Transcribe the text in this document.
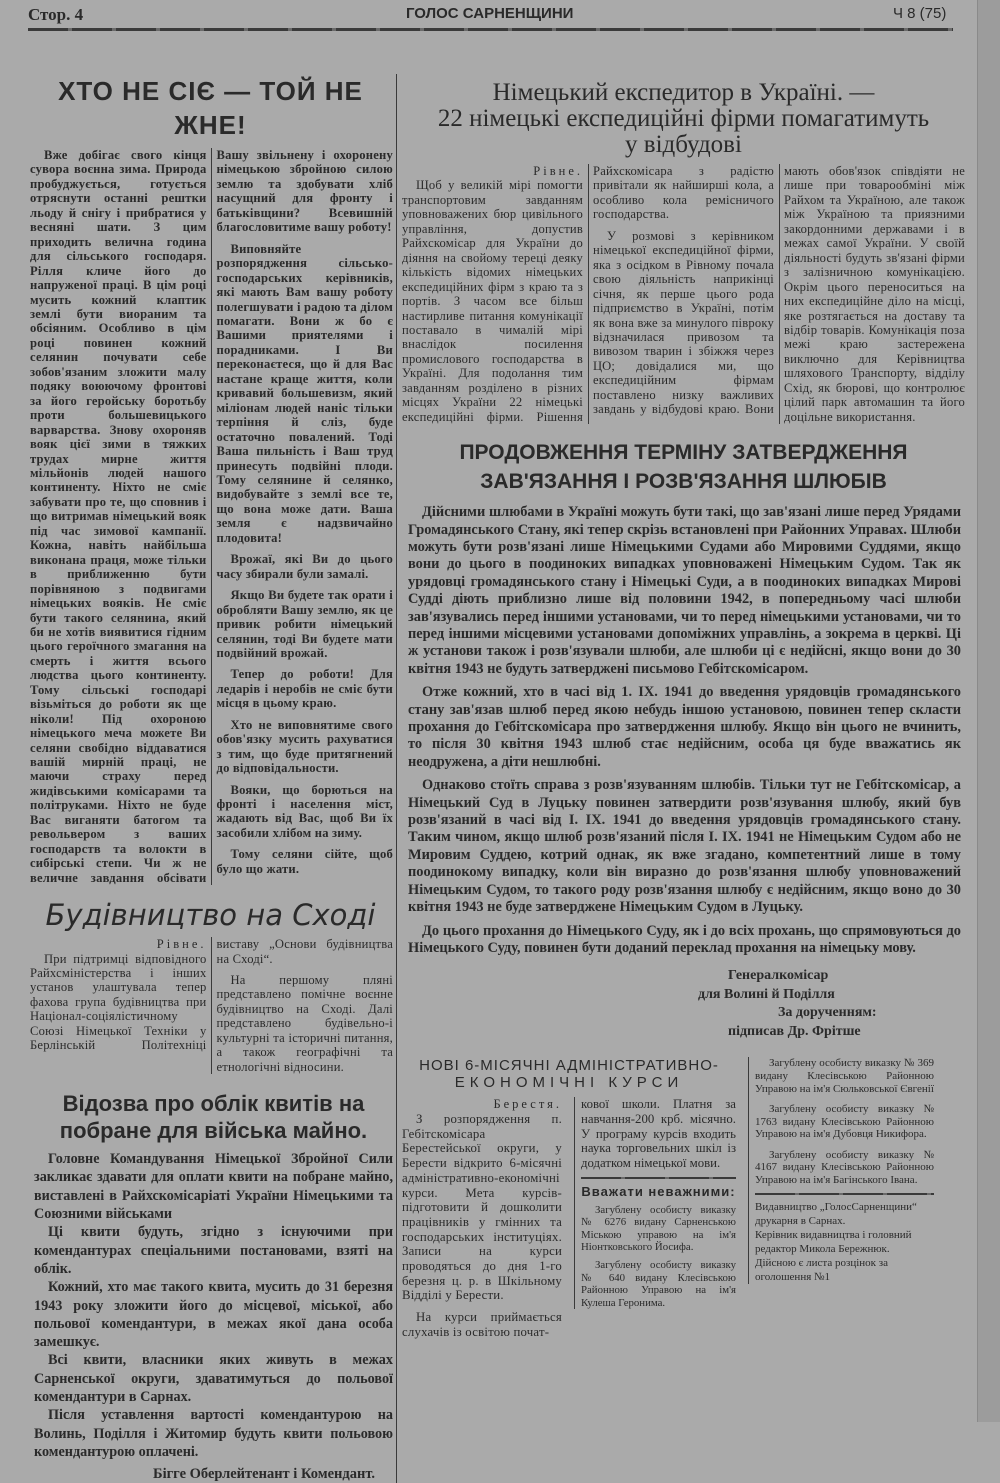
Стор. 4	ГОЛОС САРНЕНЩИНИ	Ч 8 (75)
ХТО НЕ СІЄ — ТОЙ НЕ ЖНЕ!

Вже добігає свого кінця сувора воєнна зима. Природа пробуджується, готується отряснути останні рештки льоду й снігу і прибратися у весняні шати. З цим приходить велична година для сільського господаря. Рілля кличе його до напруженої праці. В цім році мусить кожний клаптик землі бути виораним та обсіяним. Особливо в цім році повинен кожний селянин почувати себе зобов'язаним зложити малу подяку воюючому фронтові за його геройську боротьбу проти большевицького варварства. Знову охороняв вояк цієї зими в тяжких трудах мирне життя мільйонів людей нашого континенту. Ніхто не сміє забувати про те, що сповнив і що витримав німецький вояк під час зимової кампанії. Кожна, навіть найбільша виконана праця, може тільки в приближенню бути порівняною з подвигами німецьких вояків. Не сміє бути такого селянина, який би не хотів виявитися гідним цього героїчного змагання на смерть і життя всього людства цього континенту. Тому сільські господарі візьміться до роботи як ще ніколи! Під охороною німецького меча можете Ви селяни свобідно віддаватися вашій мирній праці, не маючи страху перед жидівськими комісарами та політруками. Ніхто не буде Вас виганяти батогом та револьвером з ваших господарств та волокти в сибірські степи. Чи ж не величне завдання обсівати Вашу звільнену і охоронену німецькою збройною силою землю та здобувати хліб насущний для фронту і батьківщини? Всевишній благословитиме вашу роботу!

Виповняйте розпорядження сільсько-господарських керівників, які мають Вам вашу роботу полегшувати і радою та ділом помагати. Вони ж бо є Вашими приятелями і порадниками. І Ви переконаєтеся, що й для Вас настане краще життя, коли кривавий большевизм, який міліонам людей наніс тільки терпіння й сліз, буде остаточно повалений. Тоді Ваша пильність і Ваш труд принесуть подвійні плоди. Тому селянине й селянко, видобувайте з землі все те, що вона може дати. Ваша земля є надзвичайно плодовита!

Врожаї, які Ви до цього часу збирали були замалі.

Якщо Ви будете так орати і обробляти Вашу землю, як це привик робити німецький селянин, тоді Ви будете мати подвійний врожай.

Тепер до роботи! Для ледарів і неробів не сміє бути місця в цьому краю.

Хто не виповнятиме свого обов'язку мусить рахуватися з тим, що буде притягнений до відповідальности.

Вояки, що борються на фронті і населення міст, жадають від Вас, щоб Ви їх засобили хлібом на зиму.

Тому селяни сійте, щоб було що жати.

Будівництво на Сході
Рівне.

При підтримці відповідного Райхсміністерства і інших установ улаштувала тепер фахова група будівництва при Націонал-соціялістичному Союзі Німецької Техніки у Берлінській Політехніці виставу „Основи будівництва на Сході“.

На першому пляні представлено помічне воєнне будівництво на Сході. Далі представлено будівельно-і культурні та історичні питання, а також географічні та етнологічні відносини.

Відозва про облік квитів на побране для війська майно.

Головне Командування Німецької Збройної Сили закликає здавати для оплати квити на побране майно, виставлені в Райхскомісаріаті України Німецькими та Союзними військами

Ці квити будуть, згідно з існуючими при комендантурах спеціальними постановами, взяті на облік.

Кожний, хто має такого квита, мусить до 31 березня 1943 року зложити його до місцевої, міської, або польової комендантури, в межах якої дана особа замешкує.

Всі квити, власники яких живуть в межах Сарненської округи, здаватимуться до польової комендантури в Сарнах.

Після уставлення вартості комендантурою на Волинь, Поділля і Житомир будуть квити польовою комендантурою оплачені.

Бігге Оберлейтенант і Комендант.
Німецький експедитор в Україні. —
22 німецькі експедиційні фірми помагатимуть
у відбудові
Рівне.

Щоб у великій мірі помогти транспортовим завданням уповноважених бюр цивільного управління, допустив Райхскомісар для України до діяння на свойому тереці деяку кількість відомих німецьких експедиційних фірм з краю та з портів. З часом все більш настирливе питання комунікації поставало в чималій мірі внаслідок посилення промислового господарства в Україні. Для подолання тим завданням розділено в різних місцях України 22 німецькі експедиційні фірми. Рішення Райхскомісара з радістю привітали як найширші кола, а особливо кола ремісничого господарства.

У розмові з керівником німецької експедиційної фірми, яка з осідком в Рівному почала свою діяльність наприкінці січня, як перше цього рода підприємство в Україні, потім як вона вже за минулого півроку відзначилася привозом та вивозом тварин і збіжжя через ЦО; довідалися ми, що експедиційним фірмам поставлено низку важливих завдань у відбудові краю. Вони мають обов'язок співдіяти не лише при товарообміні між Райхом та Україною, але також між Україною та приязними закордонними державами і в межах самої України. У своїй діяльності будуть зв'язані фірми з залізничною комунікацією. Окрім цього переноситься на них експедиційне діло на місці, яке розтягається на доставу та відбір товарів. Комунікація поза межі краю застережена виключно для Керівництва шляхового Транспорту, відділу Схід, як бюрові, що контролює цілий парк автомашин та його доцільне використання.

ПРОДОВЖЕННЯ ТЕРМІНУ ЗАТВЕРДЖЕННЯ
ЗАВ'ЯЗАННЯ І РОЗВ'ЯЗАННЯ ШЛЮБІВ

Дійсними шлюбами в Україні можуть бути такі, що зав'язані лише перед Урядами Громадянського Стану, які тепер скрізь встановлені при Районних Управах. Шлюби можуть бути розв'язані лише Німецькими Судами або Мировими Суддями, якщо вони до цього в поодиноких випадках уповноважені Німецьким Судом. Так як урядовці громадянського стану і Німецькі Суди, а в поодиноких випадках Мирові Судді діють приблизно лише від половини 1942, в попередньому часі шлюби зав'язувались перед іншими установами, чи то перед німецькими установами, чи то перед іншими місцевими установами допоміжних управлінь, а зокрема в церкві. Ці ж установи також і розв'язували шлюби, але шлюби ці є недійсні, якщо вони до 30 квітня 1943 не будуть затверджені письмово Гебітскомісаром.

Отже кожний, хто в часі від 1. IX. 1941 до введення урядовців громадянського стану зав'язав шлюб перед якою небудь іншою установою, повинен тепер скласти прохання до Гебітскомісара про затвердження шлюбу. Якщо він цього не вчинить, то після 30 квітня 1943 шлюб стає недійсним, особа ця буде вважатись як неодружена, а діти нешлюбні.

Однаково стоїть справа з розв'язуванням шлюбів. Тільки тут не Гебітскомісар, а Німецький Суд в Луцьку повинен затвердити розв'язування шлюбу, який був розв'язаний в часі від I. IX. 1941 до введення урядовців громадянського стану. Таким чином, якщо шлюб розв'язаний після I. IX. 1941 не Німецьким Судом або не Мировим Суддею, котрий однак, як вже згадано, компетентний лише в тому поодинокому випадку, коли він виразно до розв'язання шлюбу уповноважений Німецьким Судом, то такого роду розв'язання шлюбу є недійсним, якщо воно до 30 квітня 1943 не буде затверджене Німецьким Судом в Луцьку.

До цього прохання до Німецького Суду, як і до всіх прохань, що спрямовуються до Німецького Суду, повинен бути доданий переклад прохання на німецьку мову.

Генералкомісар
для Волині й Поділля
За дорученням:
підписав Др. Фрітше
НОВІ 6-МІСЯЧНІ АДМІНІСТРАТИВНО-
ЕКОНОМІЧНІ КУРСИ
Берестя.

З розпорядження п. Гебітскомісара Берестейської округи, у Берести відкрито 6-місячні адміністративно-економічні курси. Мета курсів-підготовити й дошколити працівників у гмінних та господарських інституціях. Записи на курси проводяться до дня 1-го березня ц. р. в Шкільному Відділі у Берести.

На курси приймається слухачів із освітою почат-

кової школи. Платня за навчання-200 крб. місячно. У програму курсів входить наука торговельних шкіл із додатком німецької мови.
Вважати неважними:

Загублену особисту виказку № 6276 видану Сарненською Міською управою на ім'я Ніонтковського Йосифа.

Загублену особисту виказку № 640 видану Клесівською Районною Управою на ім'я Кулеша Геронима.

Загублену особисту виказку № 369 видану Клесівською Районною Управою на ім'я Сюльковської Євгенії

Загублену особисту виказку № 1763 видану Клесівською Районною Управою на ім'я Дубовця Никифора.

Загублену особисту виказку № 4167 видану Клесівською Районною Управою на ім'я Багінського Івана.

Видавництво „ГолосСарненщини“ друкарня в Сарнах.
Керівник видавництва і головний редактор Микола Бережнюк.
Дійсною є листа розцінок за оголошення №1
